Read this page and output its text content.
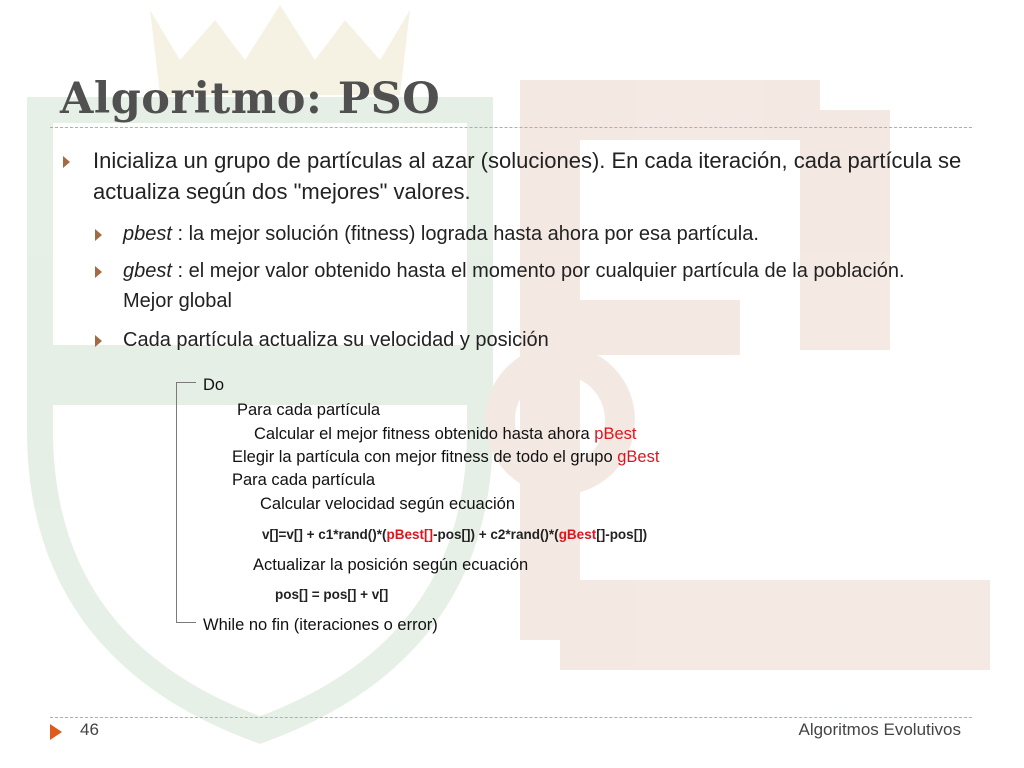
Algoritmo: PSO
Inicializa un grupo de partículas al azar (soluciones). En cada iteración, cada partícula se actualiza según dos "mejores" valores.
pbest : la mejor solución (fitness) lograda hasta ahora por esa partícula.
gbest : el mejor valor obtenido hasta el momento por cualquier partícula de la población. Mejor global
Cada partícula actualiza su velocidad y posición
Do
Para cada partícula
Calcular el mejor fitness obtenido hasta ahora pBest
Elegir la partícula con mejor fitness de todo el grupo gBest
Para cada partícula
Calcular velocidad según ecuación
v[]=v[] + c1*rand()*(pBest[]-pos[]) + c2*rand()*(gBest[]-pos[])
Actualizar la posición según ecuación
pos[] = pos[] + v[]
While no fin (iteraciones o error)
46	Algoritmos Evolutivos
